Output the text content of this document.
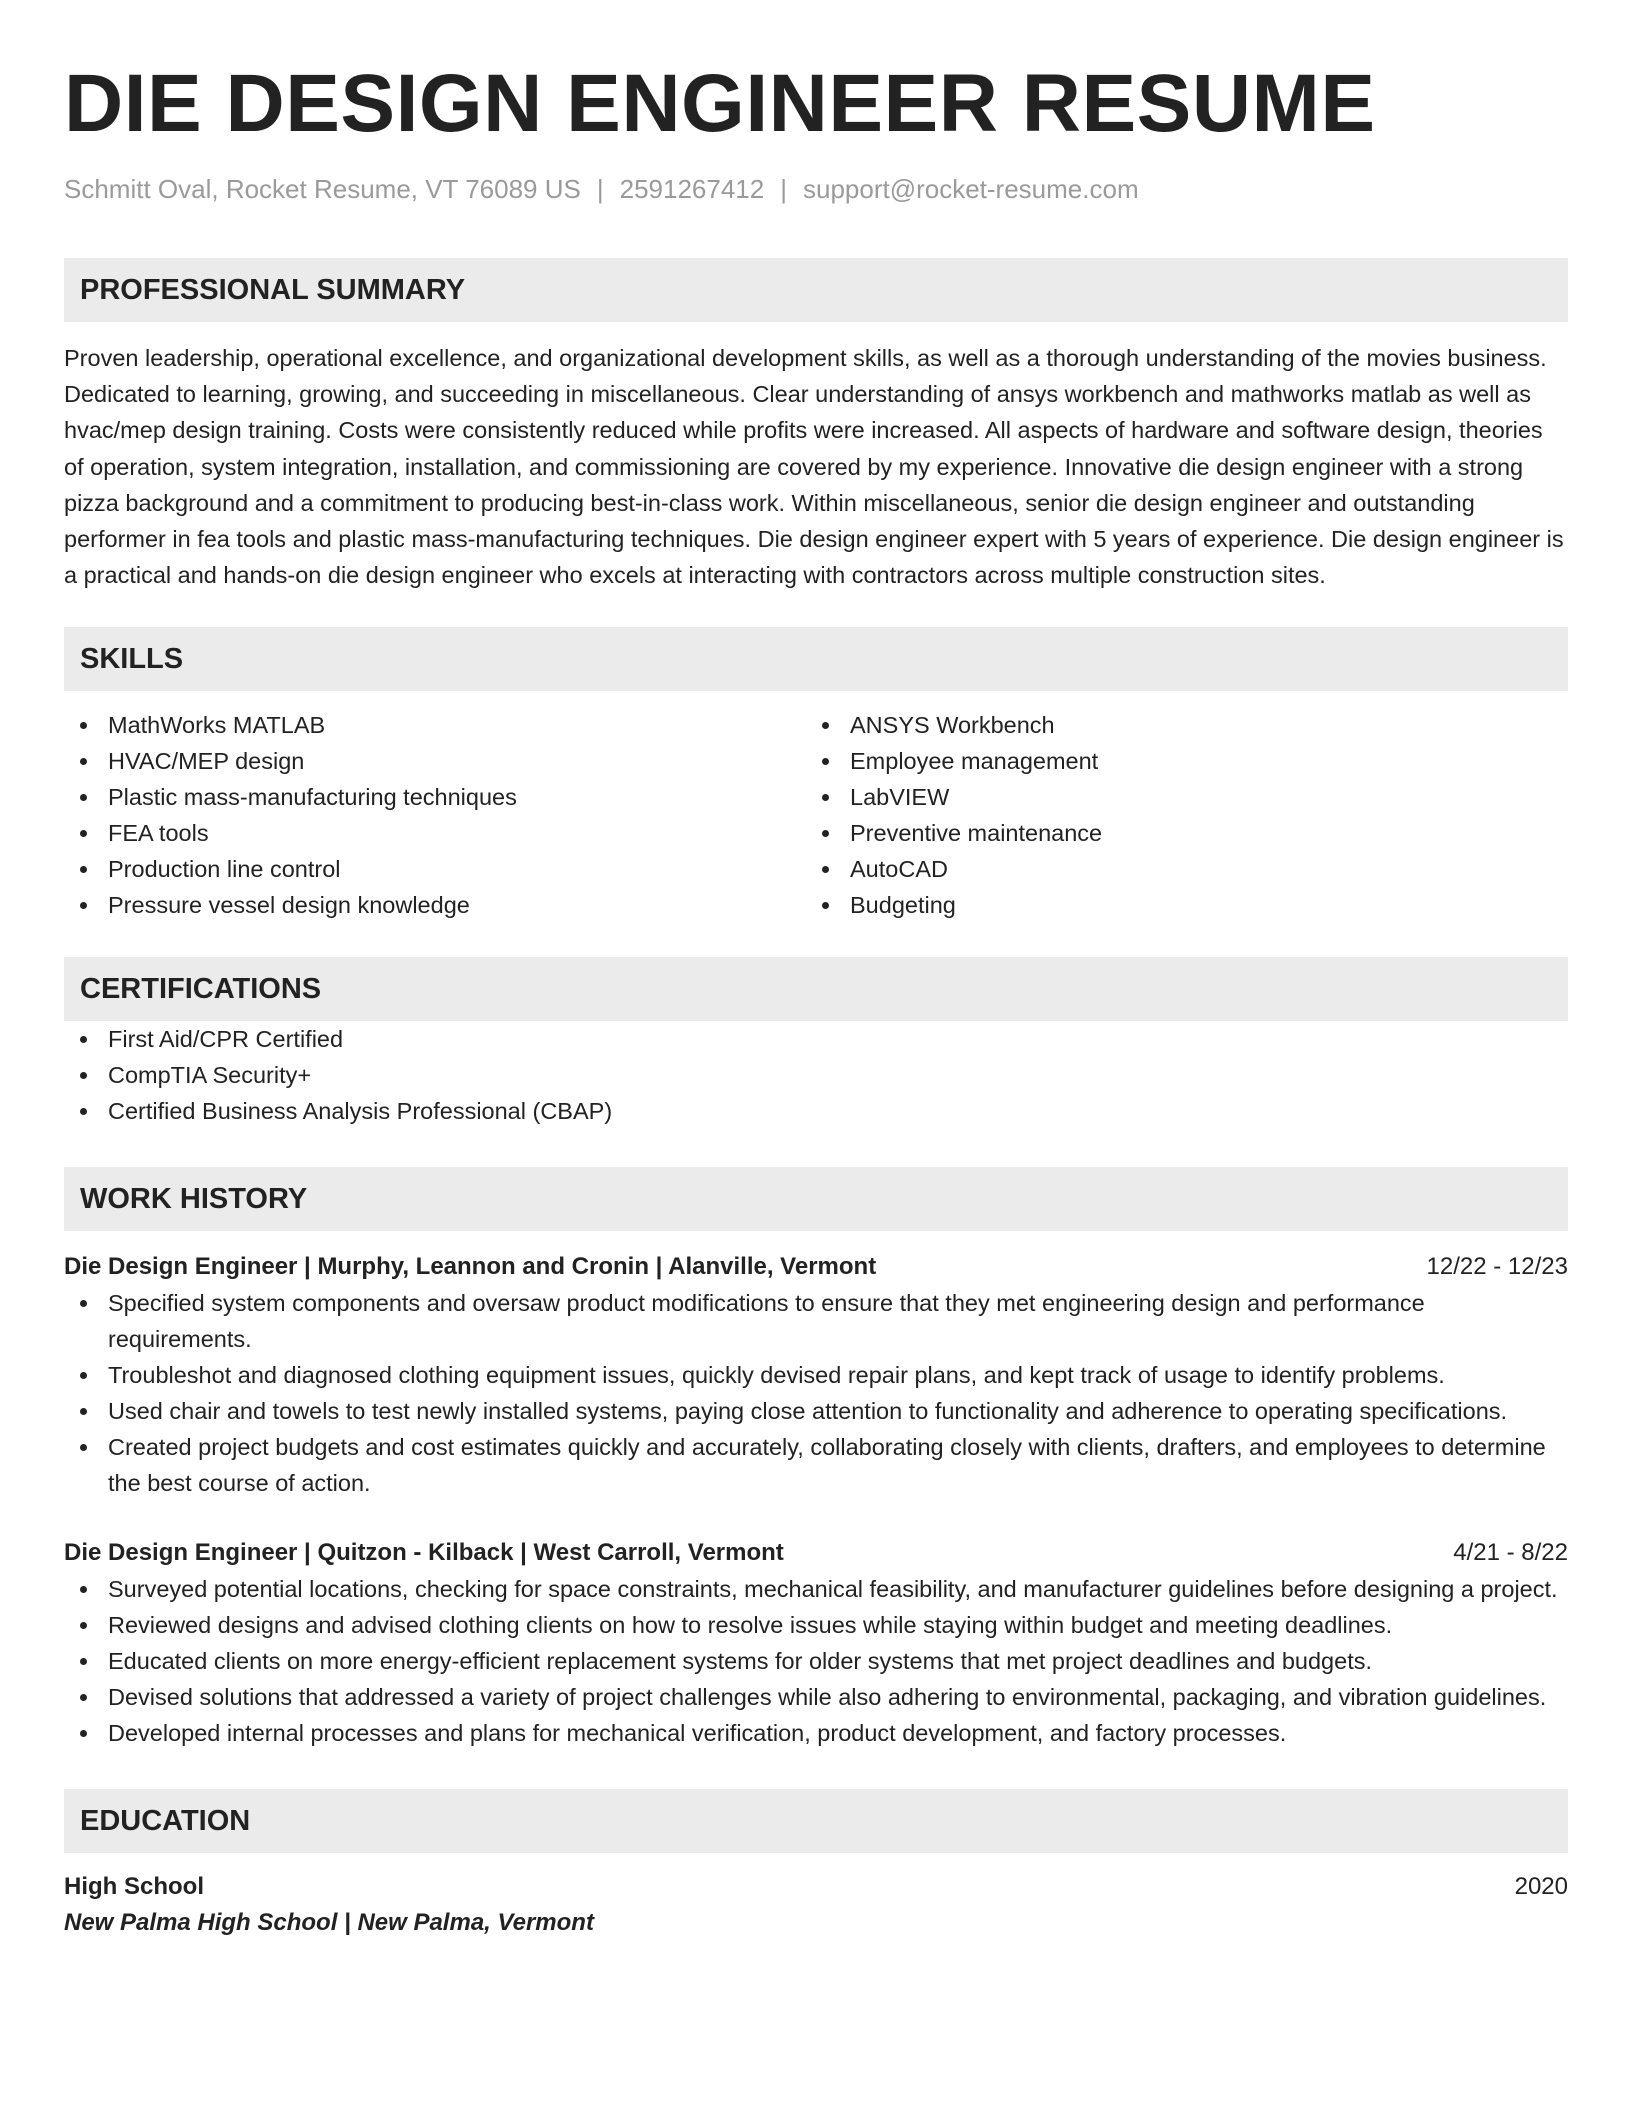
DIE DESIGN ENGINEER RESUME
Schmitt Oval, Rocket Resume, VT 76089 US | 2591267412 | support@rocket-resume.com
PROFESSIONAL SUMMARY
Proven leadership, operational excellence, and organizational development skills, as well as a thorough understanding of the movies business. Dedicated to learning, growing, and succeeding in miscellaneous. Clear understanding of ansys workbench and mathworks matlab as well as hvac/mep design training. Costs were consistently reduced while profits were increased. All aspects of hardware and software design, theories of operation, system integration, installation, and commissioning are covered by my experience. Innovative die design engineer with a strong pizza background and a commitment to producing best-in-class work. Within miscellaneous, senior die design engineer and outstanding performer in fea tools and plastic mass-manufacturing techniques. Die design engineer expert with 5 years of experience. Die design engineer is a practical and hands-on die design engineer who excels at interacting with contractors across multiple construction sites.
SKILLS
MathWorks MATLAB
HVAC/MEP design
Plastic mass-manufacturing techniques
FEA tools
Production line control
Pressure vessel design knowledge
ANSYS Workbench
Employee management
LabVIEW
Preventive maintenance
AutoCAD
Budgeting
CERTIFICATIONS
First Aid/CPR Certified
CompTIA Security+
Certified Business Analysis Professional (CBAP)
WORK HISTORY
Die Design Engineer | Murphy, Leannon and Cronin | Alanville, Vermont	12/22 - 12/23
Specified system components and oversaw product modifications to ensure that they met engineering design and performance requirements.
Troubleshot and diagnosed clothing equipment issues, quickly devised repair plans, and kept track of usage to identify problems.
Used chair and towels to test newly installed systems, paying close attention to functionality and adherence to operating specifications.
Created project budgets and cost estimates quickly and accurately, collaborating closely with clients, drafters, and employees to determine the best course of action.
Die Design Engineer | Quitzon - Kilback | West Carroll, Vermont	4/21 - 8/22
Surveyed potential locations, checking for space constraints, mechanical feasibility, and manufacturer guidelines before designing a project.
Reviewed designs and advised clothing clients on how to resolve issues while staying within budget and meeting deadlines.
Educated clients on more energy-efficient replacement systems for older systems that met project deadlines and budgets.
Devised solutions that addressed a variety of project challenges while also adhering to environmental, packaging, and vibration guidelines.
Developed internal processes and plans for mechanical verification, product development, and factory processes.
EDUCATION
High School	2020
New Palma High School | New Palma, Vermont
